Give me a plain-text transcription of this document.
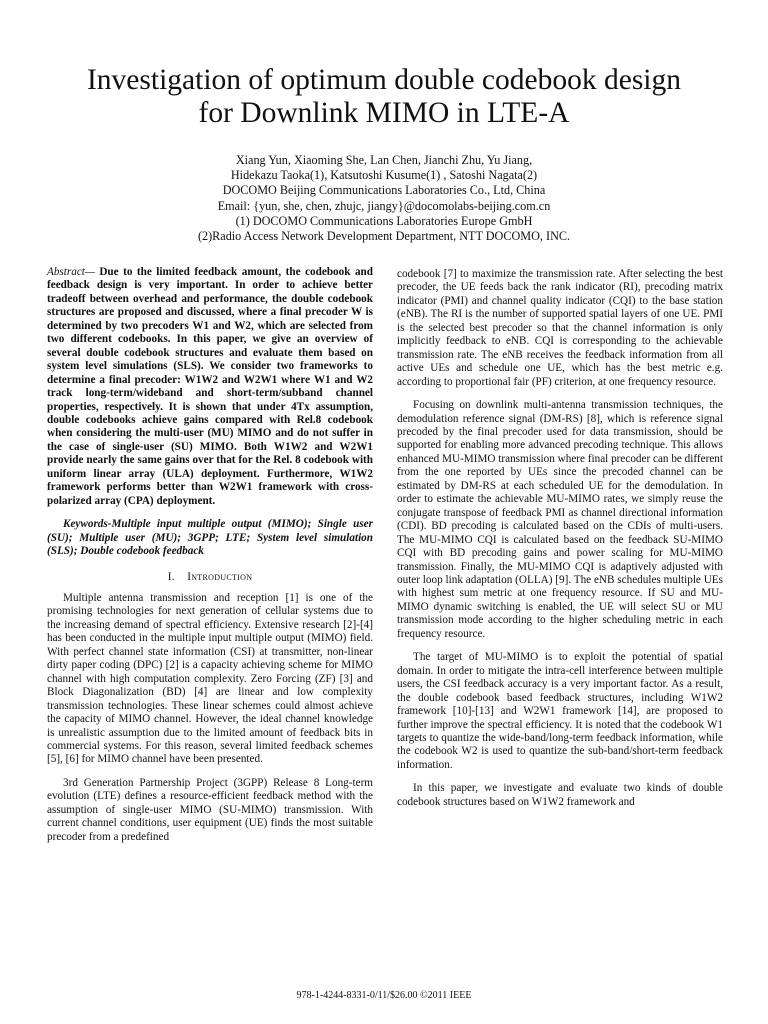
Investigation of optimum double codebook design
for Downlink MIMO in LTE-A
Xiang Yun, Xiaoming She, Lan Chen, Jianchi Zhu, Yu Jiang,
Hidekazu Taoka(1), Katsutoshi Kusume(1) , Satoshi Nagata(2)
DOCOMO Beijing Communications Laboratories Co., Ltd, China
Email: {yun, she, chen, zhujc, jiangy}@docomolabs-beijing.com.cn
(1) DOCOMO Communications Laboratories Europe GmbH
(2)Radio Access Network Development Department, NTT DOCOMO, INC.

Abstract— Due to the limited feedback amount, the codebook and feedback design is very important. In order to achieve better tradeoff between overhead and performance, the double codebook structures are proposed and discussed, where a final precoder W is determined by two precoders W1 and W2, which are selected from two different codebooks. In this paper, we give an overview of several double codebook structures and evaluate them based on system level simulations (SLS). We consider two frameworks to determine a final precoder: W1W2 and W2W1 where W1 and W2 track long-term/wideband and short-term/subband channel properties, respectively. It is shown that under 4Tx assumption, double codebooks achieve gains compared with Rel.8 codebook when considering the multi-user (MU) MIMO and do not suffer in the case of single-user (SU) MIMO. Both W1W2 and W2W1 provide nearly the same gains over that for the Rel. 8 codebook with uniform linear array (ULA) deployment. Furthermore, W1W2 framework performs better than W2W1 framework with cross-polarized array (CPA) deployment.

Keywords-Multiple input multiple output (MIMO); Single user (SU); Multiple user (MU); 3GPP; LTE; System level simulation (SLS); Double codebook feedback

I. Introduction

Multiple antenna transmission and reception [1] is one of the promising technologies for next generation of cellular systems due to the increasing demand of spectral efficiency. Extensive research [2]-[4] has been conducted in the multiple input multiple output (MIMO) field. With perfect channel state information (CSI) at transmitter, non-linear dirty paper coding (DPC) [2] is a capacity achieving scheme for MIMO channel with high computation complexity. Zero Forcing (ZF) [3] and Block Diagonalization (BD) [4] are linear and low complexity transmission technologies. These linear schemes could almost achieve the capacity of MIMO channel. However, the ideal channel knowledge is unrealistic assumption due to the limited amount of feedback bits in commercial systems. For this reason, several limited feedback schemes [5], [6] for MIMO channel have been presented.

3rd Generation Partnership Project (3GPP) Release 8 Long-term evolution (LTE) defines a resource-efficient feedback method with the assumption of single-user MIMO (SU-MIMO) transmission. With current channel conditions, user equipment (UE) finds the most suitable precoder from a predefined

codebook [7] to maximize the transmission rate. After selecting the best precoder, the UE feeds back the rank indicator (RI), precoding matrix indicator (PMI) and channel quality indicator (CQI) to the base station (eNB). The RI is the number of supported spatial layers of one UE. PMI is the selected best precoder so that the channel information is only implicitly feedback to eNB. CQI is corresponding to the achievable transmission rate. The eNB receives the feedback information from all active UEs and schedule one UE, which has the best metric e.g. according to proportional fair (PF) criterion, at one frequency resource.

Focusing on downlink multi-antenna transmission techniques, the demodulation reference signal (DM-RS) [8], which is reference signal precoded by the final precoder used for data transmission, should be supported for enabling more advanced precoding technique. This allows enhanced MU-MIMO transmission where final precoder can be different from the one reported by UEs since the precoded channel can be estimated by DM-RS at each scheduled UE for the demodulation. In order to estimate the achievable MU-MIMO rates, we simply reuse the conjugate transpose of feedback PMI as channel directional information (CDI). BD precoding is calculated based on the CDIs of multi-users. The MU-MIMO CQI is calculated based on the feedback SU-MIMO CQI with BD precoding gains and power scaling for MU-MIMO transmission. Finally, the MU-MIMO CQI is adaptively adjusted with outer loop link adaptation (OLLA) [9]. The eNB schedules multiple UEs with highest sum metric at one frequency resource. If SU and MU-MIMO dynamic switching is enabled, the UE will select SU or MU transmission mode according to the higher scheduling metric in each frequency resource.

The target of MU-MIMO is to exploit the potential of spatial domain. In order to mitigate the intra-cell interference between multiple users, the CSI feedback accuracy is a very important factor. As a result, the double codebook based feedback structures, including W1W2 framework [10]-[13] and W2W1 framework [14], are proposed to further improve the spectral efficiency. It is noted that the codebook W1 targets to quantize the wide-band/long-term feedback information, while the codebook W2 is used to quantize the sub-band/short-term feedback information.

In this paper, we investigate and evaluate two kinds of double codebook structures based on W1W2 framework and

978-1-4244-8331-0/11/$26.00 ©2011 IEEE
